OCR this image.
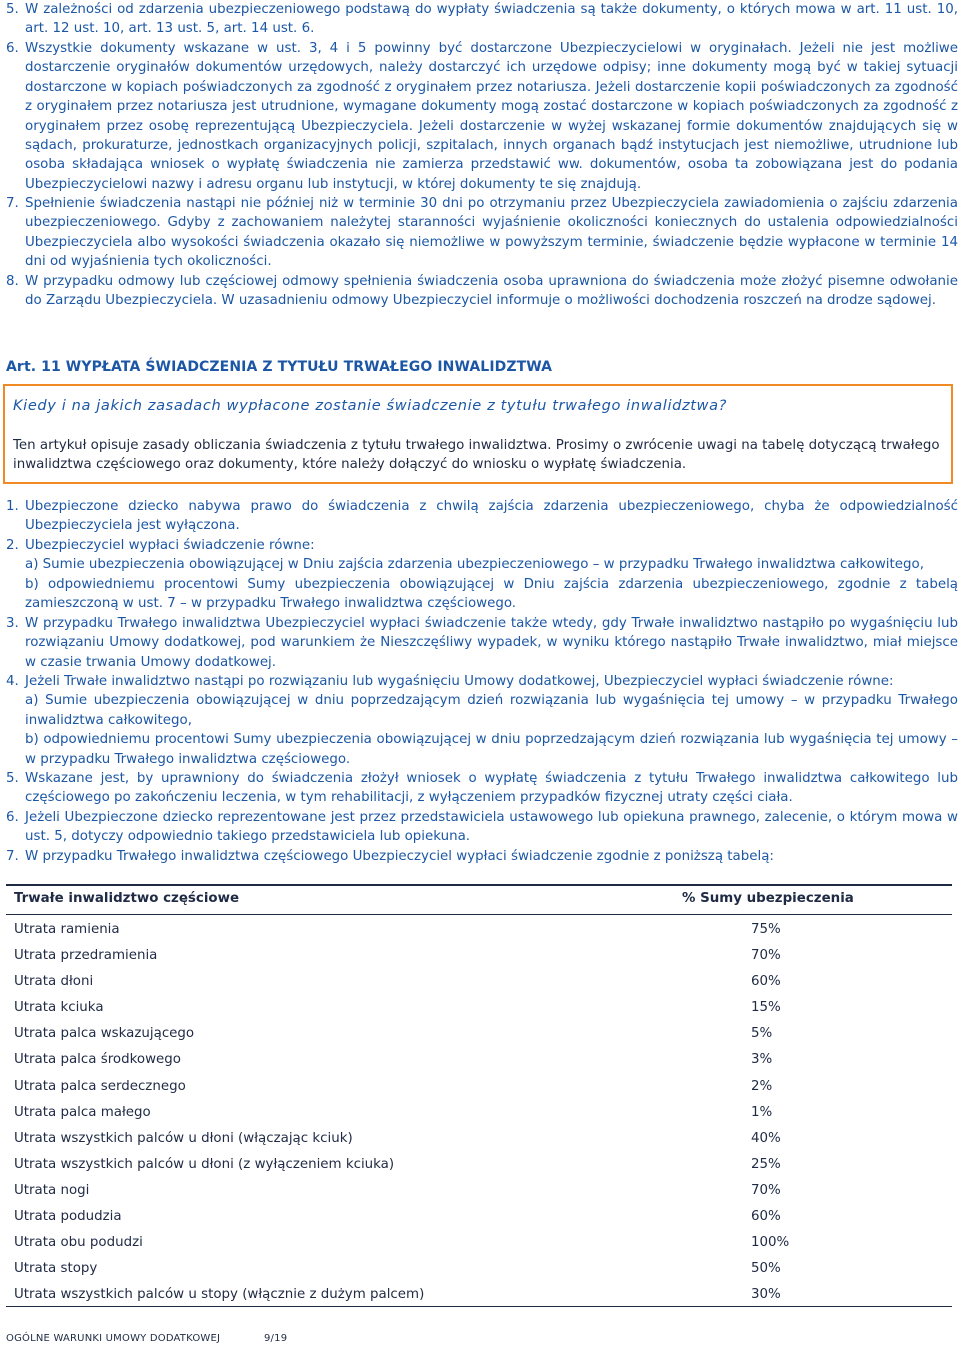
5. W zależności od zdarzenia ubezpieczeniowego podstawą do wypłaty świadczenia są także dokumenty, o których mowa w art. 11 ust. 10, art. 12 ust. 10, art. 13 ust. 5, art. 14 ust. 6.
6. Wszystkie dokumenty wskazane w ust. 3, 4 i 5 powinny być dostarczone Ubezpieczycielowi w oryginałach. Jeżeli nie jest możliwe dostarczenie oryginałów dokumentów urzędowych, należy dostarczyć ich urzędowe odpisy; inne dokumenty mogą być w takiej sytuacji dostarczone w kopiach poświadczonych za zgodność z oryginałem przez notariusza. Jeżeli dostarczenie kopii poświadczonych za zgodność z oryginałem przez notariusza jest utrudnione, wymagane dokumenty mogą zostać dostarczone w kopiach poświadczonych za zgodność z oryginałem przez osobę reprezentującą Ubezpieczyciela. Jeżeli dostarczenie w wyżej wskazanej formie dokumentów znajdujących się w sądach, prokuraturze, jednostkach organizacyjnych policji, szpitalach, innych organach bądź instytucjach jest niemożliwe, utrudnione lub osoba składająca wniosek o wypłatę świadczenia nie zamierza przedstawić ww. dokumentów, osoba ta zobowiązana jest do podania Ubezpieczycielowi nazwy i adresu organu lub instytucji, w której dokumenty te się znajdują.
7. Spełnienie świadczenia nastąpi nie później niż w terminie 30 dni po otrzymaniu przez Ubezpieczyciela zawiadomienia o zajściu zdarzenia ubezpieczeniowego. Gdyby z zachowaniem należytej staranności wyjaśnienie okoliczności koniecznych do ustalenia odpowiedzialności Ubezpieczyciela albo wysokości świadczenia okazało się niemożliwe w powyższym terminie, świadczenie będzie wypłacone w terminie 14 dni od wyjaśnienia tych okoliczności.
8. W przypadku odmowy lub częściowej odmowy spełnienia świadczenia osoba uprawniona do świadczenia może złożyć pisemne odwołanie do Zarządu Ubezpieczyciela. W uzasadnieniu odmowy Ubezpieczyciel informuje o możliwości dochodzenia roszczeń na drodze sądowej.
Art. 11 WYPŁATA ŚWIADCZENIA Z TYTUŁU TRWAŁEGO INWALIDZTWA
Kiedy i na jakich zasadach wypłacone zostanie świadczenie z tytułu trwałego inwalidztwa?
Ten artykuł opisuje zasady obliczania świadczenia z tytułu trwałego inwalidztwa. Prosimy o zwrócenie uwagi na tabelę dotyczącą trwałego inwalidztwa częściowego oraz dokumenty, które należy dołączyć do wniosku o wypłatę świadczenia.
1. Ubezpieczone dziecko nabywa prawo do świadczenia z chwilą zajścia zdarzenia ubezpieczeniowego, chyba że odpowiedzialność Ubezpieczyciela jest wyłączona.
2. Ubezpieczyciel wypłaci świadczenie równe:
a) Sumie ubezpieczenia obowiązującej w Dniu zajścia zdarzenia ubezpieczeniowego – w przypadku Trwałego inwalidztwa całkowitego,
b) odpowiedniemu procentowi Sumy ubezpieczenia obowiązującej w Dniu zajścia zdarzenia ubezpieczeniowego, zgodnie z tabelą zamieszczoną w ust. 7 – w przypadku Trwałego inwalidztwa częściowego.
3. W przypadku Trwałego inwalidztwa Ubezpieczyciel wypłaci świadczenie także wtedy, gdy Trwałe inwalidztwo nastąpiło po wygaśnięciu lub rozwiązaniu Umowy dodatkowej, pod warunkiem że Nieszczęśliwy wypadek, w wyniku którego nastąpiło Trwałe inwalidztwo, miał miejsce w czasie trwania Umowy dodatkowej.
4. Jeżeli Trwałe inwalidztwo nastąpi po rozwiązaniu lub wygaśnięciu Umowy dodatkowej, Ubezpieczyciel wypłaci świadczenie równe:
a) Sumie ubezpieczenia obowiązującej w dniu poprzedzającym dzień rozwiązania lub wygaśnięcia tej umowy – w przypadku Trwałego inwalidztwa całkowitego,
b) odpowiedniemu procentowi Sumy ubezpieczenia obowiązującej w dniu poprzedzającym dzień rozwiązania lub wygaśnięcia tej umowy – w przypadku Trwałego inwalidztwa częściowego.
5. Wskazane jest, by uprawniony do świadczenia złożył wniosek o wypłatę świadczenia z tytułu Trwałego inwalidztwa całkowitego lub częściowego po zakończeniu leczenia, w tym rehabilitacji, z wyłączeniem przypadków fizycznej utraty części ciała.
6. Jeżeli Ubezpieczone dziecko reprezentowane jest przez przedstawiciela ustawowego lub opiekuna prawnego, zalecenie, o którym mowa w ust. 5, dotyczy odpowiednio takiego przedstawiciela lub opiekuna.
7. W przypadku Trwałego inwalidztwa częściowego Ubezpieczyciel wypłaci świadczenie zgodnie z poniższą tabelą:
Trwałe inwalidztwo częściowe	% Sumy ubezpieczenia
Utrata ramienia	75%
Utrata przedramienia	70%
Utrata dłoni	60%
Utrata kciuka	15%
Utrata palca wskazującego	5%
Utrata palca środkowego	3%
Utrata palca serdecznego	2%
Utrata palca małego	1%
Utrata wszystkich palców u dłoni (włączając kciuk)	40%
Utrata wszystkich palców u dłoni (z wyłączeniem kciuka)	25%
Utrata nogi	70%
Utrata podudzia	60%
Utrata obu podudzi	100%
Utrata stopy	50%
Utrata wszystkich palców u stopy (włącznie z dużym palcem)	30%
OGÓLNE WARUNKI UMOWY DODATKOWEJ	9/19
